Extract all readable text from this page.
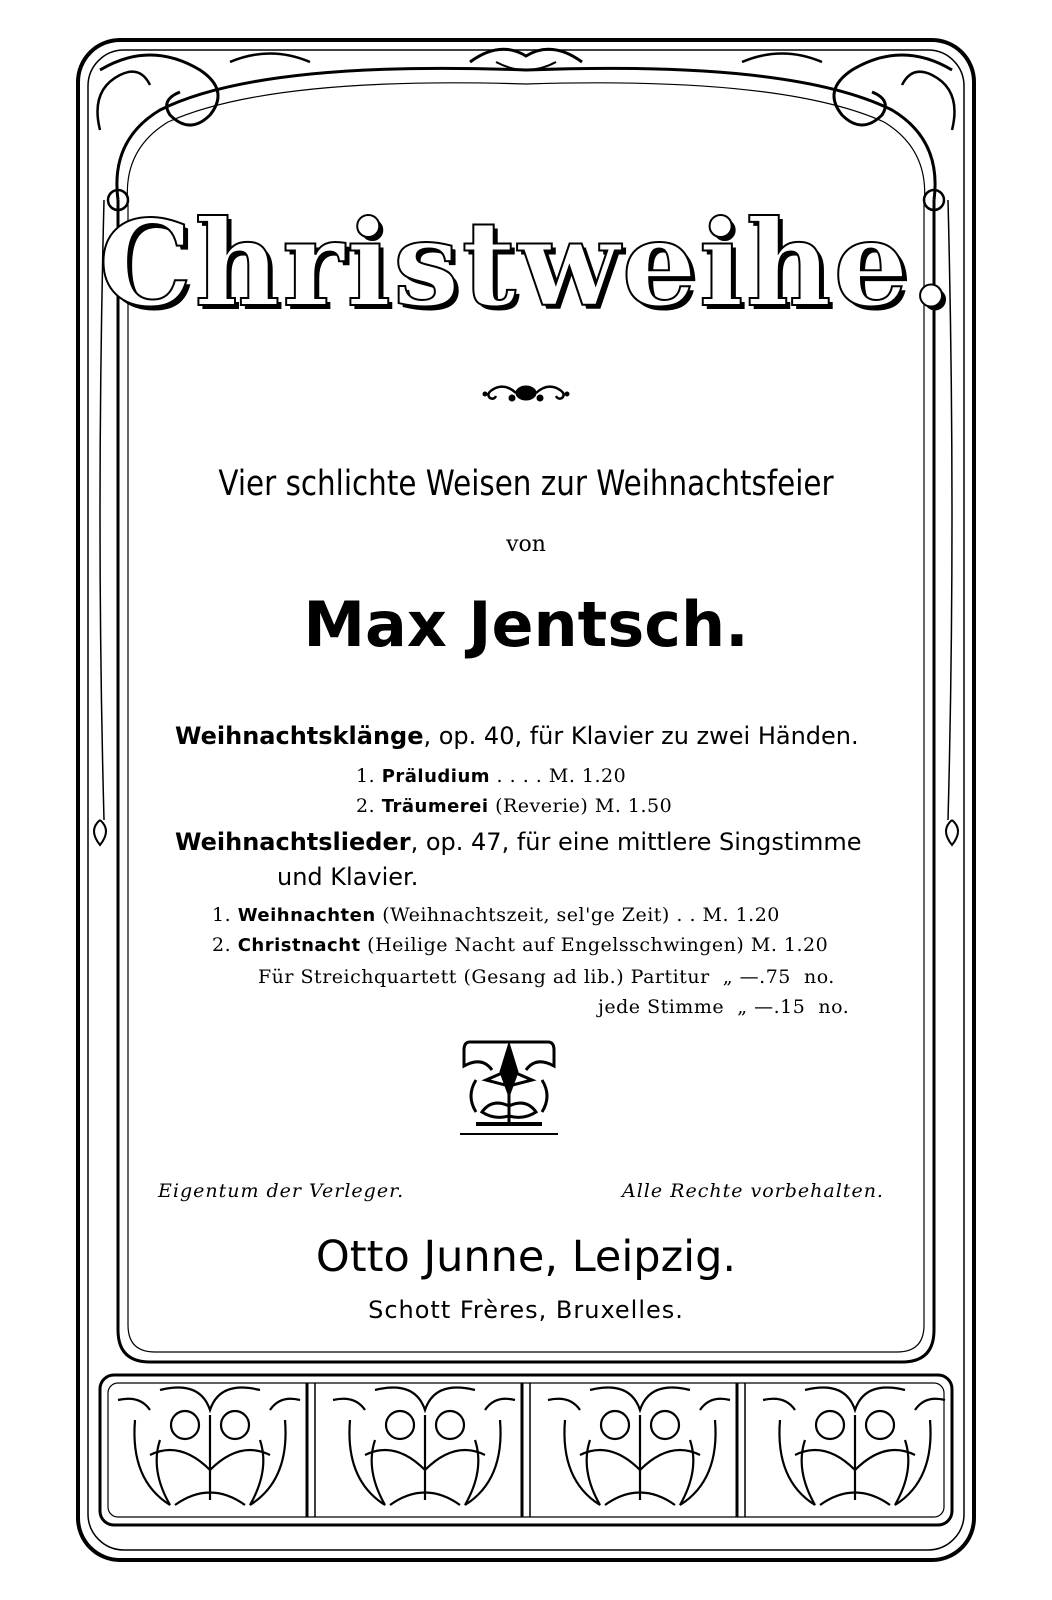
Christweihe.
Vier schlichte Weisen zur Weihnachtsfeier
von
Max Jentsch.
Weihnachtsklänge, op. 40, für Klavier zu zwei Händen.
1. Präludium . . . . M. 1.20
2. Träumerei (Reverie) M. 1.50
Weihnachtslieder, op. 47, für eine mittlere Singstimme
und Klavier.
1. Weihnachten (Weihnachtszeit, sel'ge Zeit) . . M. 1.20
2. Christnacht (Heilige Nacht auf Engelsschwingen) M. 1.20
Für Streichquartett (Gesang ad lib.) Partitur „ —.75 no.
jede Stimme „ —.15 no.
Eigentum der Verleger.	Alle Rechte vorbehalten.
Otto Junne, Leipzig.
Schott Frères, Bruxelles.
